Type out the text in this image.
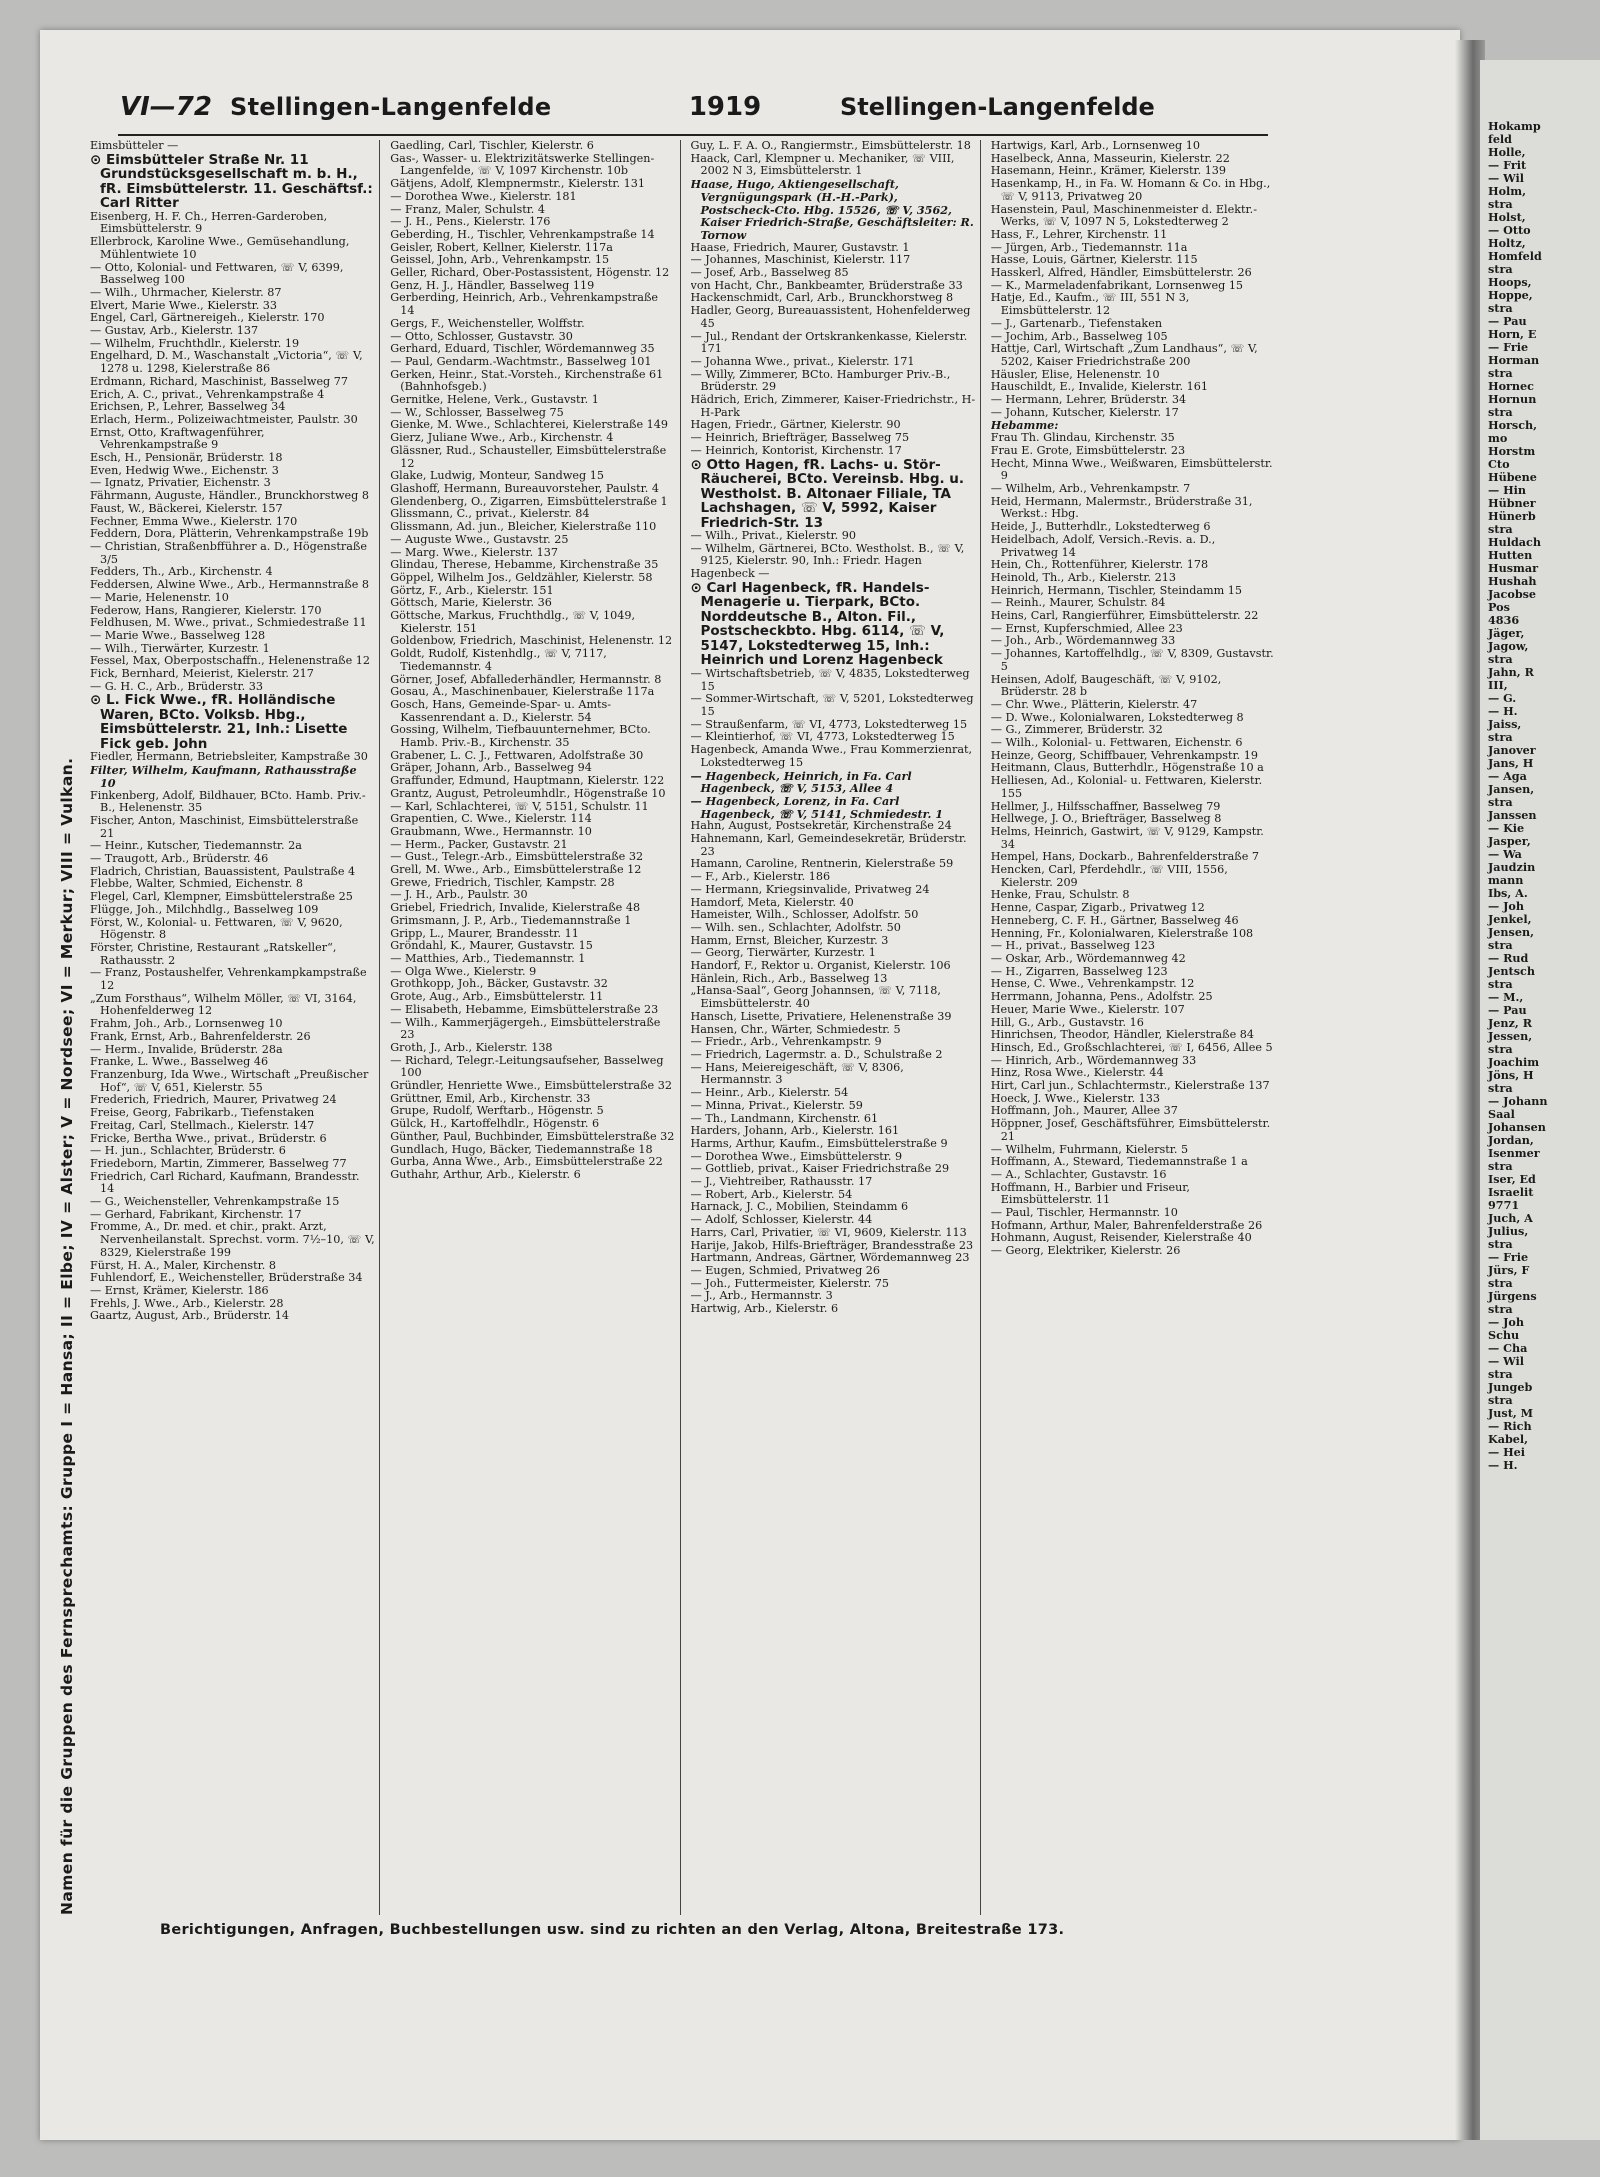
Hokamp
feld
Holle,
— Frit
— Wil
Holm,
stra
Holst,
— Otto
Holtz,
Homfeld
stra
Hoops,
Hoppe,
stra
— Pau
Horn, E
— Frie
Horman
stra
Hornec
Hornun
stra
Horsch,
mo
Horstm
Cto
Hübene
— Hin
Hübner
Hünerb
stra
Huldach
Hutten
Husmar
Hushah
Jacobse
Pos
4836
Jäger,
Jagow,
stra
Jahn, R
III,
— G.
— H.
Jaiss,
stra
Janover
Jans, H
— Aga
Jansen,
stra
Janssen
— Kie
Jasper,
— Wa
Jaudzin
mann
Ibs, A.
— Joh
Jenkel,
Jensen,
stra
— Rud
Jentsch
stra
— M.,
— Pau
Jenz, R
Jessen,
stra
Joachim
Jöns, H
stra
— Johann
Saal
Johansen
Jordan,
Isenmer
stra
Iser, Ed
Israelit
9771
Juch, A
Julius,
stra
— Frie
Jürs, F
stra
Jürgens
stra
— Joh
Schu
— Cha
— Wil
stra
Jungeb
stra
Just, M
— Rich
Kabel,
— Hei
— H.
VI—72 Stellingen-Langenfelde	1919	Stellingen-Langenfelde
Namen für die Gruppen des Fernsprechamts: Gruppe I = Hansa; II = Elbe; IV = Alster; V = Nordsee; VI = Merkur; VIII = Vulkan.

Eimsbütteler —

⊙ Eimsbütteler Straße Nr. 11 Grundstücksgesellschaft m. b. H., fR. Eimsbüttelerstr. 11. Geschäftsf.: Carl Ritter

Eisenberg, H. F. Ch., Herren-Garderoben, Eimsbüttelerstr. 9

Ellerbrock, Karoline Wwe., Gemüsehandlung, Mühlentwiete 10

— Otto, Kolonial- und Fettwaren, ☏ V, 6399, Basselweg 100

— Wilh., Uhrmacher, Kielerstr. 87

Elvert, Marie Wwe., Kielerstr. 33

Engel, Carl, Gärtnereigeh., Kielerstr. 170

— Gustav, Arb., Kielerstr. 137

— Wilhelm, Fruchthdlr., Kielerstr. 19

Engelhard, D. M., Waschanstalt „Victoria“, ☏ V, 1278 u. 1298, Kielerstraße 86

Erdmann, Richard, Maschinist, Basselweg 77

Erich, A. C., privat., Vehrenkampstraße 4

Erichsen, P., Lehrer, Basselweg 34

Erlach, Herm., Polizeiwachtmeister, Paulstr. 30

Ernst, Otto, Kraftwagenführer, Vehrenkampstraße 9

Esch, H., Pensionär, Brüderstr. 18

Even, Hedwig Wwe., Eichenstr. 3

— Ignatz, Privatier, Eichenstr. 3

Fährmann, Auguste, Händler., Brunckhorstweg 8

Faust, W., Bäckerei, Kielerstr. 157

Fechner, Emma Wwe., Kielerstr. 170

Feddern, Dora, Plätterin, Vehrenkampstraße 19b

— Christian, Straßenbfführer a. D., Högenstraße 3/5

Fedders, Th., Arb., Kirchenstr. 4

Feddersen, Alwine Wwe., Arb., Hermannstraße 8

— Marie, Helenenstr. 10

Federow, Hans, Rangierer, Kielerstr. 170

Feldhusen, M. Wwe., privat., Schmiedestraße 11

— Marie Wwe., Basselweg 128

— Wilh., Tierwärter, Kurzestr. 1

Fessel, Max, Oberpostschaffn., Helenenstraße 12

Fick, Bernhard, Meierist, Kielerstr. 217

— G. H. C., Arb., Brüderstr. 33

⊙ L. Fick Wwe., fR. Holländische Waren, BCto. Volksb. Hbg., Eimsbüttelerstr. 21, Inh.: Lisette Fick geb. John

Fiedler, Hermann, Betriebsleiter, Kampstraße 30

Filter, Wilhelm, Kaufmann, Rathausstraße 10

Finkenberg, Adolf, Bildhauer, BCto. Hamb. Priv.-B., Helenenstr. 35

Fischer, Anton, Maschinist, Eimsbüttelerstraße 21

— Heinr., Kutscher, Tiedemannstr. 2a

— Traugott, Arb., Brüderstr. 46

Fladrich, Christian, Bauassistent, Paulstraße 4

Flebbe, Walter, Schmied, Eichenstr. 8

Flegel, Carl, Klempner, Eimsbüttelerstraße 25

Flügge, Joh., Milchhdlg., Basselweg 109

Först, W., Kolonial- u. Fettwaren, ☏ V, 9620, Högenstr. 8

Förster, Christine, Restaurant „Ratskeller“, Rathausstr. 2

— Franz, Postaushelfer, Vehrenkampkampstraße 12

„Zum Forsthaus“, Wilhelm Möller, ☏ VI, 3164, Hohenfelderweg 12

Frahm, Joh., Arb., Lornsenweg 10

Frank, Ernst, Arb., Bahrenfelderstr. 26

— Herm., Invalide, Brüderstr. 28a

Franke, L. Wwe., Basselweg 46

Franzenburg, Ida Wwe., Wirtschaft „Preußischer Hof“, ☏ V, 651, Kielerstr. 55

Frederich, Friedrich, Maurer, Privatweg 24

Freise, Georg, Fabrikarb., Tiefenstaken

Freitag, Carl, Stellmach., Kielerstr. 147

Fricke, Bertha Wwe., privat., Brüderstr. 6

— H. jun., Schlachter, Brüderstr. 6

Friedeborn, Martin, Zimmerer, Basselweg 77

Friedrich, Carl Richard, Kaufmann, Brandesstr. 14

— G., Weichensteller, Vehrenkampstraße 15

— Gerhard, Fabrikant, Kirchenstr. 17

Fromme, A., Dr. med. et chir., prakt. Arzt, Nervenheilanstalt. Sprechst. vorm. 7½–10, ☏ V, 8329, Kielerstraße 199

Fürst, H. A., Maler, Kirchenstr. 8

Fuhlendorf, E., Weichensteller, Brüderstraße 34

— Ernst, Krämer, Kielerstr. 186

Frehls, J. Wwe., Arb., Kielerstr. 28

Gaartz, August, Arb., Brüderstr. 14

Gaedling, Carl, Tischler, Kielerstr. 6

Gas-, Wasser- u. Elektrizitätswerke Stellingen-Langenfelde, ☏ V, 1097 Kirchenstr. 10b

Gätjens, Adolf, Klempnermstr., Kielerstr. 131

— Dorothea Wwe., Kielerstr. 181

— Franz, Maler, Schulstr. 4

— J. H., Pens., Kielerstr. 176

Geberding, H., Tischler, Vehrenkampstraße 14

Geisler, Robert, Kellner, Kielerstr. 117a

Geissel, John, Arb., Vehrenkampstr. 15

Geller, Richard, Ober-Postassistent, Högenstr. 12

Genz, H. J., Händler, Basselweg 119

Gerberding, Heinrich, Arb., Vehrenkampstraße 14

Gergs, F., Weichensteller, Wolffstr.

— Otto, Schlosser, Gustavstr. 30

Gerhard, Eduard, Tischler, Wördemannweg 35

— Paul, Gendarm.-Wachtmstr., Basselweg 101

Gerken, Heinr., Stat.-Vorsteh., Kirchenstraße 61 (Bahnhofsgeb.)

Gernitke, Helene, Verk., Gustavstr. 1

— W., Schlosser, Basselweg 75

Gienke, M. Wwe., Schlachterei, Kielerstraße 149

Gierz, Juliane Wwe., Arb., Kirchenstr. 4

Glässner, Rud., Schausteller, Eimsbüttelerstraße 12

Glake, Ludwig, Monteur, Sandweg 15

Glashoff, Hermann, Bureauvorsteher, Paulstr. 4

Glendenberg, O., Zigarren, Eimsbüttelerstraße 1

Glissmann, C., privat., Kielerstr. 84

Glissmann, Ad. jun., Bleicher, Kielerstraße 110

— Auguste Wwe., Gustavstr. 25

— Marg. Wwe., Kielerstr. 137

Glindau, Therese, Hebamme, Kirchenstraße 35

Göppel, Wilhelm Jos., Geldzähler, Kielerstr. 58

Görtz, F., Arb., Kielerstr. 151

Göttsch, Marie, Kielerstr. 36

Göttsche, Markus, Fruchthdlg., ☏ V, 1049, Kielerstr. 151

Goldenbow, Friedrich, Maschinist, Helenenstr. 12

Goldt, Rudolf, Kistenhdlg., ☏ V, 7117, Tiedemannstr. 4

Görner, Josef, Abfallederhändler, Hermannstr. 8

Gosau, A., Maschinenbauer, Kielerstraße 117a

Gosch, Hans, Gemeinde-Spar- u. Amts-Kassenrendant a. D., Kielerstr. 54

Gossing, Wilhelm, Tiefbauunternehmer, BCto. Hamb. Priv.-B., Kirchenstr. 35

Grabener, L. C. J., Fettwaren, Adolfstraße 30

Gräper, Johann, Arb., Basselweg 94

Graffunder, Edmund, Hauptmann, Kielerstr. 122

Grantz, August, Petroleumhdlr., Högenstraße 10

— Karl, Schlachterei, ☏ V, 5151, Schulstr. 11

Grapentien, C. Wwe., Kielerstr. 114

Graubmann, Wwe., Hermannstr. 10

— Herm., Packer, Gustavstr. 21

— Gust., Telegr.-Arb., Eimsbüttelerstraße 32

Grell, M. Wwe., Arb., Eimsbüttelerstraße 12

Grewe, Friedrich, Tischler, Kampstr. 28

— J. H., Arb., Paulstr. 30

Griebel, Friedrich, Invalide, Kielerstraße 48

Grimsmann, J. P., Arb., Tiedemannstraße 1

Gripp, L., Maurer, Brandesstr. 11

Gröndahl, K., Maurer, Gustavstr. 15

— Matthies, Arb., Tiedemannstr. 1

— Olga Wwe., Kielerstr. 9

Grothkopp, Joh., Bäcker, Gustavstr. 32

Grote, Aug., Arb., Eimsbüttelerstr. 11

— Elisabeth, Hebamme, Eimsbüttelerstraße 23

— Wilh., Kammerjägergeh., Eimsbüttelerstraße 23

Groth, J., Arb., Kielerstr. 138

— Richard, Telegr.-Leitungsaufseher, Basselweg 100

Gründler, Henriette Wwe., Eimsbüttelerstraße 32

Grüttner, Emil, Arb., Kirchenstr. 33

Grupe, Rudolf, Werftarb., Högenstr. 5

Gülck, H., Kartoffelhdlr., Högenstr. 6

Günther, Paul, Buchbinder, Eimsbüttelerstraße 32

Gundlach, Hugo, Bäcker, Tiedemannstraße 18

Gurba, Anna Wwe., Arb., Eimsbüttelerstraße 22

Guthahr, Arthur, Arb., Kielerstr. 6

Guy, L. F. A. O., Rangiermstr., Eimsbüttelerstr. 18

Haack, Carl, Klempner u. Mechaniker, ☏ VIII, 2002 N 3, Eimsbüttelerstr. 1

Haase, Hugo, Aktiengesellschaft, Vergnügungspark (H.-H.-Park), Postscheck-Cto. Hbg. 15526, ☏ V, 3562, Kaiser Friedrich-Straße, Geschäftsleiter: R. Tornow

Haase, Friedrich, Maurer, Gustavstr. 1

— Johannes, Maschinist, Kielerstr. 117

— Josef, Arb., Basselweg 85

von Hacht, Chr., Bankbeamter, Brüderstraße 33

Hackenschmidt, Carl, Arb., Brunckhorstweg 8

Hadler, Georg, Bureauassistent, Hohenfelderweg 45

— Jul., Rendant der Ortskrankenkasse, Kielerstr. 171

— Johanna Wwe., privat., Kielerstr. 171

— Willy, Zimmerer, BCto. Hamburger Priv.-B., Brüderstr. 29

Hädrich, Erich, Zimmerer, Kaiser-Friedrichstr., H-H-Park

Hagen, Friedr., Gärtner, Kielerstr. 90

— Heinrich, Briefträger, Basselweg 75

— Heinrich, Kontorist, Kirchenstr. 17

⊙ Otto Hagen, fR. Lachs- u. Stör-Räucherei, BCto. Vereinsb. Hbg. u. Westholst. B. Altonaer Filiale, TA Lachshagen, ☏ V, 5992, Kaiser Friedrich-Str. 13

— Wilh., Privat., Kielerstr. 90

— Wilhelm, Gärtnerei, BCto. Westholst. B., ☏ V, 9125, Kielerstr. 90, Inh.: Friedr. Hagen

Hagenbeck —

⊙ Carl Hagenbeck, fR. Handels-Menagerie u. Tierpark, BCto. Norddeutsche B., Alton. Fil., Postscheckbto. Hbg. 6114, ☏ V, 5147, Lokstedterweg 15, Inh.: Heinrich und Lorenz Hagenbeck

— Wirtschaftsbetrieb, ☏ V, 4835, Lokstedterweg 15

— Sommer-Wirtschaft, ☏ V, 5201, Lokstedterweg 15

— Straußenfarm, ☏ VI, 4773, Lokstedterweg 15

— Kleintierhof, ☏ VI, 4773, Lokstedterweg 15

Hagenbeck, Amanda Wwe., Frau Kommerzienrat, Lokstedterweg 15

— Hagenbeck, Heinrich, in Fa. Carl Hagenbeck, ☏ V, 5153, Allee 4

— Hagenbeck, Lorenz, in Fa. Carl Hagenbeck, ☏ V, 5141, Schmiedestr. 1

Hahn, August, Postsekretär, Kirchenstraße 24

Hahnemann, Karl, Gemeindesekretär, Brüderstr. 23

Hamann, Caroline, Rentnerin, Kielerstraße 59

— F., Arb., Kielerstr. 186

— Hermann, Kriegsinvalide, Privatweg 24

Hamdorf, Meta, Kielerstr. 40

Hameister, Wilh., Schlosser, Adolfstr. 50

— Wilh. sen., Schlachter, Adolfstr. 50

Hamm, Ernst, Bleicher, Kurzestr. 3

— Georg, Tierwärter, Kurzestr. 1

Handorf, F., Rektor u. Organist, Kielerstr. 106

Hänlein, Rich., Arb., Basselweg 13

„Hansa-Saal“, Georg Johannsen, ☏ V, 7118, Eimsbüttelerstr. 40

Hansch, Lisette, Privatiere, Helenenstraße 39

Hansen, Chr., Wärter, Schmiedestr. 5

— Friedr., Arb., Vehrenkampstr. 9

— Friedrich, Lagermstr. a. D., Schulstraße 2

— Hans, Meiereigeschäft, ☏ V, 8306, Hermannstr. 3

— Heinr., Arb., Kielerstr. 54

— Minna, Privat., Kielerstr. 59

— Th., Landmann, Kirchenstr. 61

Harders, Johann, Arb., Kielerstr. 161

Harms, Arthur, Kaufm., Eimsbüttelerstraße 9

— Dorothea Wwe., Eimsbüttelerstr. 9

— Gottlieb, privat., Kaiser Friedrichstraße 29

— J., Viehtreiber, Rathausstr. 17

— Robert, Arb., Kielerstr. 54

Harnack, J. C., Mobilien, Steindamm 6

— Adolf, Schlosser, Kielerstr. 44

Harrs, Carl, Privatier, ☏ VI, 9609, Kielerstr. 113

Harije, Jakob, Hilfs-Briefträger, Brandesstraße 23

Hartmann, Andreas, Gärtner, Wördemannweg 23

— Eugen, Schmied, Privatweg 26

— Joh., Futtermeister, Kielerstr. 75

— J., Arb., Hermannstr. 3

Hartwig, Arb., Kielerstr. 6

Hartwigs, Karl, Arb., Lornsenweg 10

Haselbeck, Anna, Masseurin, Kielerstr. 22

Hasemann, Heinr., Krämer, Kielerstr. 139

Hasenkamp, H., in Fa. W. Homann & Co. in Hbg., ☏ V, 9113, Privatweg 20

Hasenstein, Paul, Maschinenmeister d. Elektr.-Werks, ☏ V, 1097 N 5, Lokstedterweg 2

Hass, F., Lehrer, Kirchenstr. 11

— Jürgen, Arb., Tiedemannstr. 11a

Hasse, Louis, Gärtner, Kielerstr. 115

Hasskerl, Alfred, Händler, Eimsbüttelerstr. 26

— K., Marmeladenfabrikant, Lornsenweg 15

Hatje, Ed., Kaufm., ☏ III, 551 N 3, Eimsbüttelerstr. 12

— J., Gartenarb., Tiefenstaken

— Jochim, Arb., Basselweg 105

Hattje, Carl, Wirtschaft „Zum Landhaus“, ☏ V, 5202, Kaiser Friedrichstraße 200

Häusler, Elise, Helenenstr. 10

Hauschildt, E., Invalide, Kielerstr. 161

— Hermann, Lehrer, Brüderstr. 34

— Johann, Kutscher, Kielerstr. 17

Hebamme:

Frau Th. Glindau, Kirchenstr. 35

Frau E. Grote, Eimsbüttelerstr. 23

Hecht, Minna Wwe., Weißwaren, Eimsbüttelerstr. 9

— Wilhelm, Arb., Vehrenkampstr. 7

Heid, Hermann, Malermstr., Brüderstraße 31, Werkst.: Hbg.

Heide, J., Butterhdlr., Lokstedterweg 6

Heidelbach, Adolf, Versich.-Revis. a. D., Privatweg 14

Hein, Ch., Rottenführer, Kielerstr. 178

Heinold, Th., Arb., Kielerstr. 213

Heinrich, Hermann, Tischler, Steindamm 15

— Reinh., Maurer, Schulstr. 84

Heins, Carl, Rangierführer, Eimsbüttelerstr. 22

— Ernst, Kupferschmied, Allee 23

— Joh., Arb., Wördemannweg 33

— Johannes, Kartoffelhdlg., ☏ V, 8309, Gustavstr. 5

Heinsen, Adolf, Baugeschäft, ☏ V, 9102, Brüderstr. 28 b

— Chr. Wwe., Plätterin, Kielerstr. 47

— D. Wwe., Kolonialwaren, Lokstedterweg 8

— G., Zimmerer, Brüderstr. 32

— Wilh., Kolonial- u. Fettwaren, Eichenstr. 6

Heinze, Georg, Schiffbauer, Vehrenkampstr. 19

Heitmann, Claus, Butterhdlr., Högenstraße 10 a

Helliesen, Ad., Kolonial- u. Fettwaren, Kielerstr. 155

Hellmer, J., Hilfsschaffner, Basselweg 79

Hellwege, J. O., Briefträger, Basselweg 8

Helms, Heinrich, Gastwirt, ☏ V, 9129, Kampstr. 34

Hempel, Hans, Dockarb., Bahrenfelderstraße 7

Hencken, Carl, Pferdehdlr., ☏ VIII, 1556, Kielerstr. 209

Henke, Frau, Schulstr. 8

Henne, Caspar, Zigarb., Privatweg 12

Henneberg, C. F. H., Gärtner, Basselweg 46

Henning, Fr., Kolonialwaren, Kielerstraße 108

— H., privat., Basselweg 123

— Oskar, Arb., Wördemannweg 42

— H., Zigarren, Basselweg 123

Hense, C. Wwe., Vehrenkampstr. 12

Herrmann, Johanna, Pens., Adolfstr. 25

Heuer, Marie Wwe., Kielerstr. 107

Hill, G., Arb., Gustavstr. 16

Hinrichsen, Theodor, Händler, Kielerstraße 84

Hinsch, Ed., Großschlachterei, ☏ I, 6456, Allee 5

— Hinrich, Arb., Wördemannweg 33

Hinz, Rosa Wwe., Kielerstr. 44

Hirt, Carl jun., Schlachtermstr., Kielerstraße 137

Hoeck, J. Wwe., Kielerstr. 133

Hoffmann, Joh., Maurer, Allee 37

Höppner, Josef, Geschäftsführer, Eimsbüttelerstr. 21

— Wilhelm, Fuhrmann, Kielerstr. 5

Hoffmann, A., Steward, Tiedemannstraße 1 a

— A., Schlachter, Gustavstr. 16

Hoffmann, H., Barbier und Friseur, Eimsbüttelerstr. 11

— Paul, Tischler, Hermannstr. 10

Hofmann, Arthur, Maler, Bahrenfelderstraße 26

Hohmann, August, Reisender, Kielerstraße 40

— Georg, Elektriker, Kielerstr. 26

Berichtigungen, Anfragen, Buchbestellungen usw. sind zu richten an den Verlag, Altona, Breitestraße 173.
